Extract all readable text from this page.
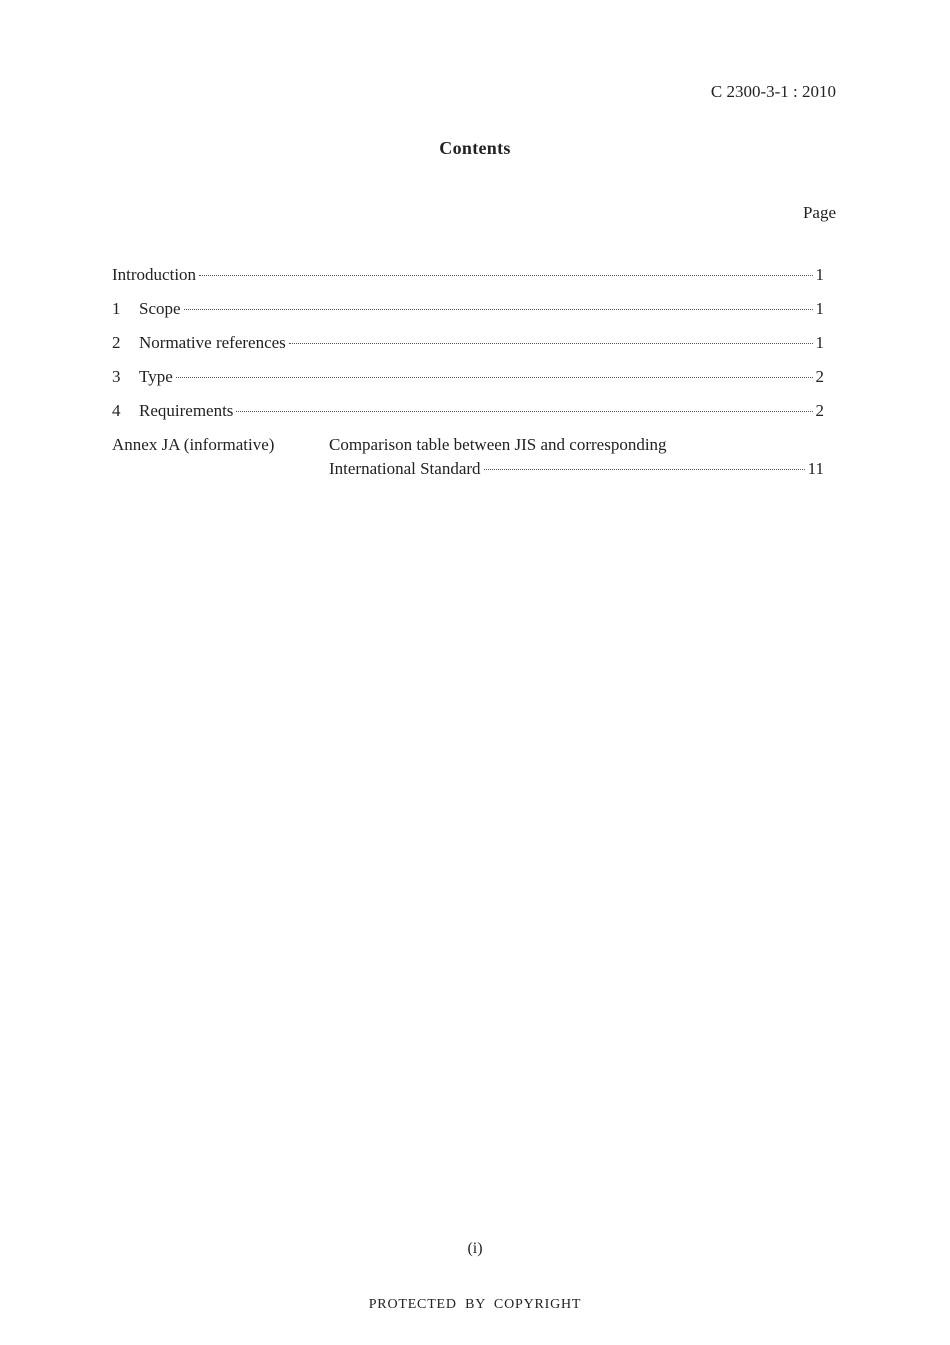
C 2300-3-1 : 2010
Contents
Page
Introduction	1
1	Scope	1
2	Normative references	1
3	Type	2
4	Requirements	2
Annex JA (informative)	Comparison table between JIS and corresponding
International Standard	11
(i)
PROTECTED BY COPYRIGHT
